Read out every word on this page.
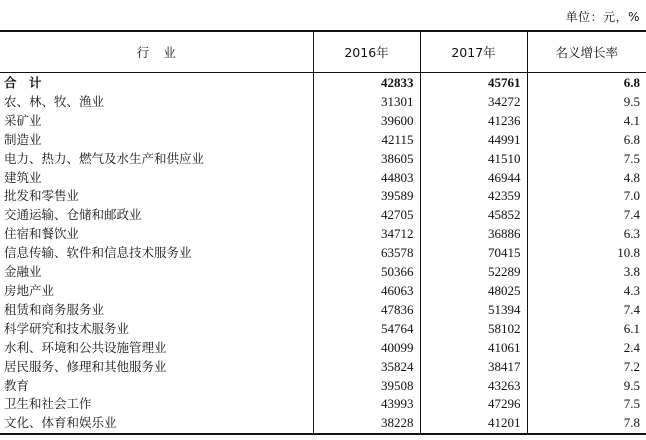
单位：元，%
行业	2016年	2017年	名义增长率
合　计	42833	45761	6.8
农、林、牧、渔业	31301	34272	9.5
采矿业	39600	41236	4.1
制造业	42115	44991	6.8
电力、热力、燃气及水生产和供应业	38605	41510	7.5
建筑业	44803	46944	4.8
批发和零售业	39589	42359	7.0
交通运输、仓储和邮政业	42705	45852	7.4
住宿和餐饮业	34712	36886	6.3
信息传输、软件和信息技术服务业	63578	70415	10.8
金融业	50366	52289	3.8
房地产业	46063	48025	4.3
租赁和商务服务业	47836	51394	7.4
科学研究和技术服务业	54764	58102	6.1
水利、环境和公共设施管理业	40099	41061	2.4
居民服务、修理和其他服务业	35824	38417	7.2
教育	39508	43263	9.5
卫生和社会工作	43993	47296	7.5
文化、体育和娱乐业	38228	41201	7.8
